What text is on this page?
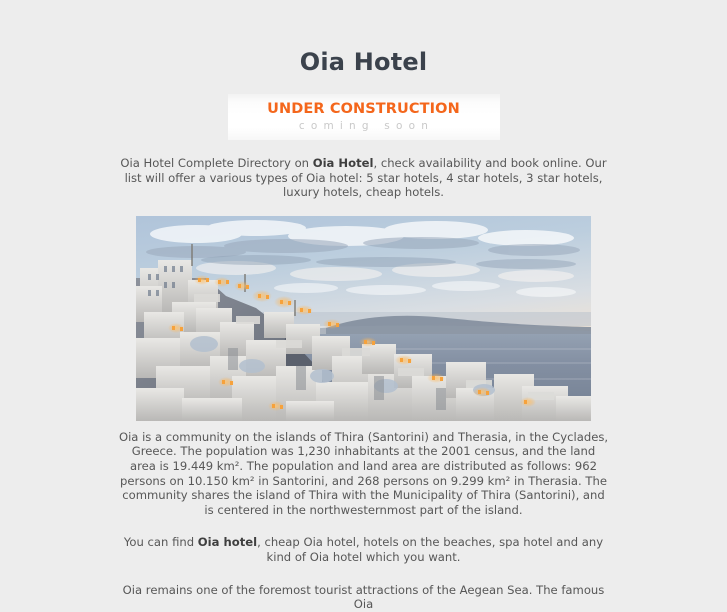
Oia Hotel
UNDER CONSTRUCTION
coming soon

Oia Hotel Complete Directory on Oia Hotel, check availability and book online. Our list will offer a various types of Oia hotel: 5 star hotels, 4 star hotels, 3 star hotels, luxury hotels, cheap hotels.

Oia is a community on the islands of Thira (Santorini) and Therasia, in the Cyclades, Greece. The population was 1,230 inhabitants at the 2001 census, and the land area is 19.449 km². The population and land area are distributed as follows: 962 persons on 10.150 km² in Santorini, and 268 persons on 9.299 km² in Therasia. The community shares the island of Thira with the Municipality of Thira (Santorini), and is centered in the northwesternmost part of the island.

You can find Oia hotel, cheap Oia hotel, hotels on the beaches, spa hotel and any kind of Oia hotel which you want.

Oia remains one of the foremost tourist attractions of the Aegean Sea. The famous Oia
